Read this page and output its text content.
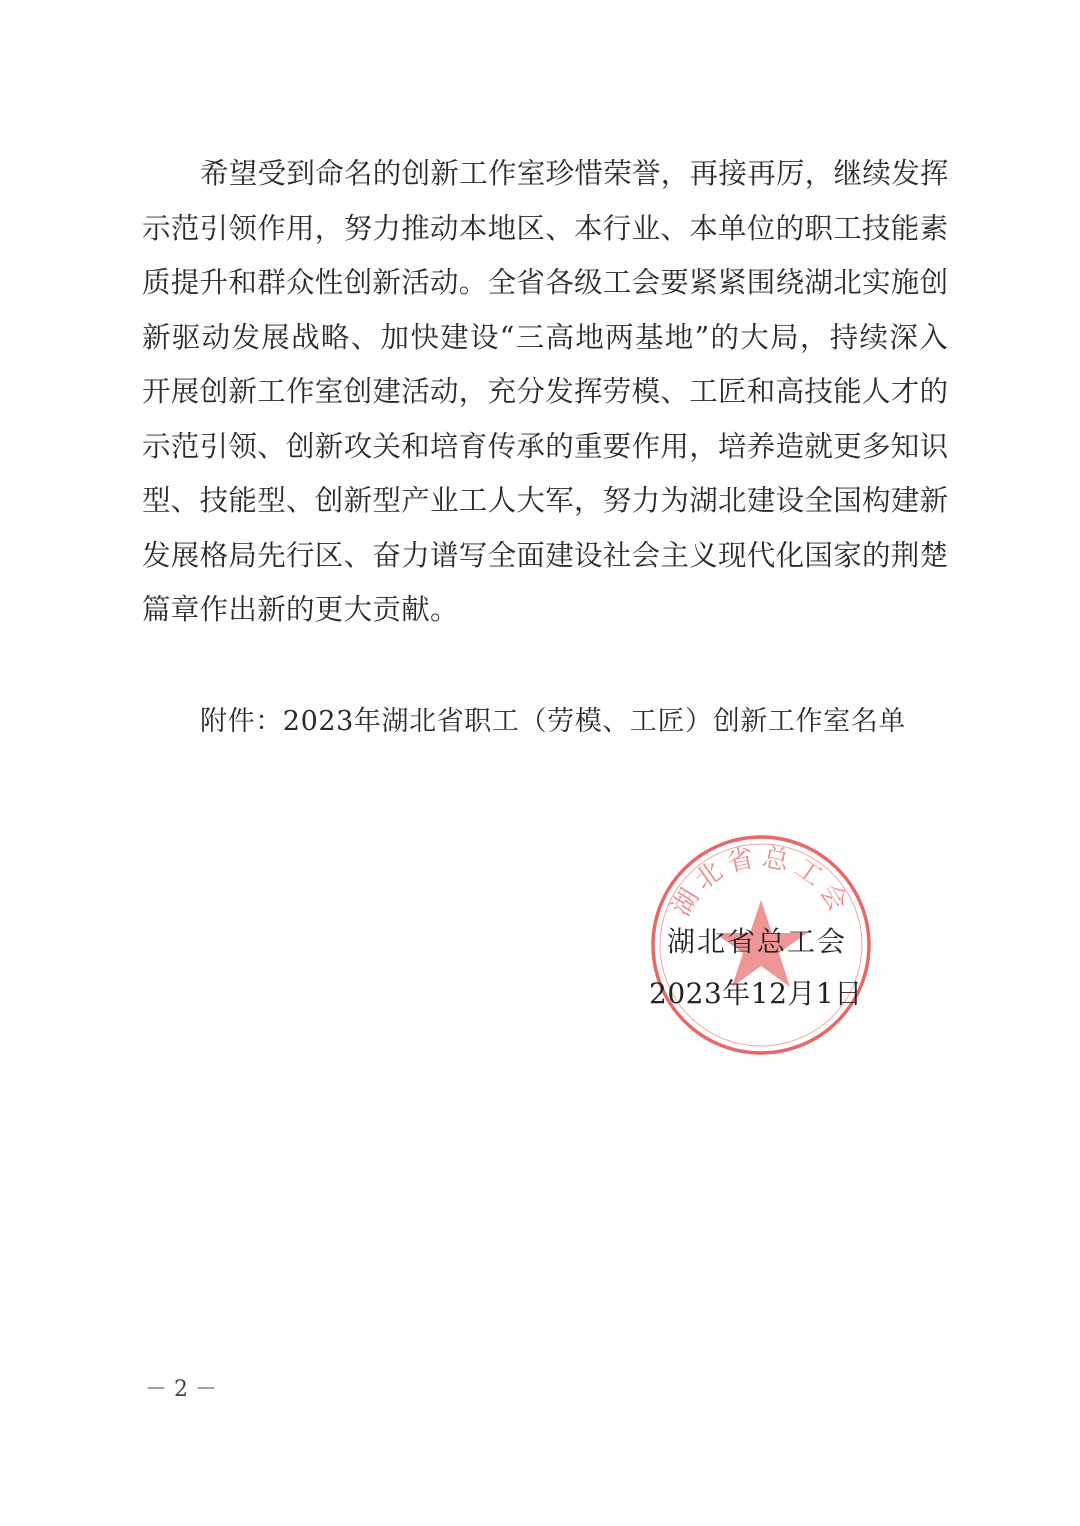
希望受到命名的创新工作室珍惜荣誉，再接再厉，继续发挥
示范引领作用，努力推动本地区、本行业、本单位的职工技能素
质提升和群众性创新活动。全省各级工会要紧紧围绕湖北实施创
新驱动发展战略、加快建设“三高地两基地”的大局，持续深入
开展创新工作室创建活动，充分发挥劳模、工匠和高技能人才的
示范引领、创新攻关和培育传承的重要作用，培养造就更多知识
型、技能型、创新型产业工人大军，努力为湖北建设全国构建新
发展格局先行区、奋力谱写全面建设社会主义现代化国家的荆楚
篇章作出新的更大贡献。
附件：2023年湖北省职工（劳模、工匠）创新工作室名单
湖北省总工会
湖北省总工会
2023年12月1日
－ 2 －
